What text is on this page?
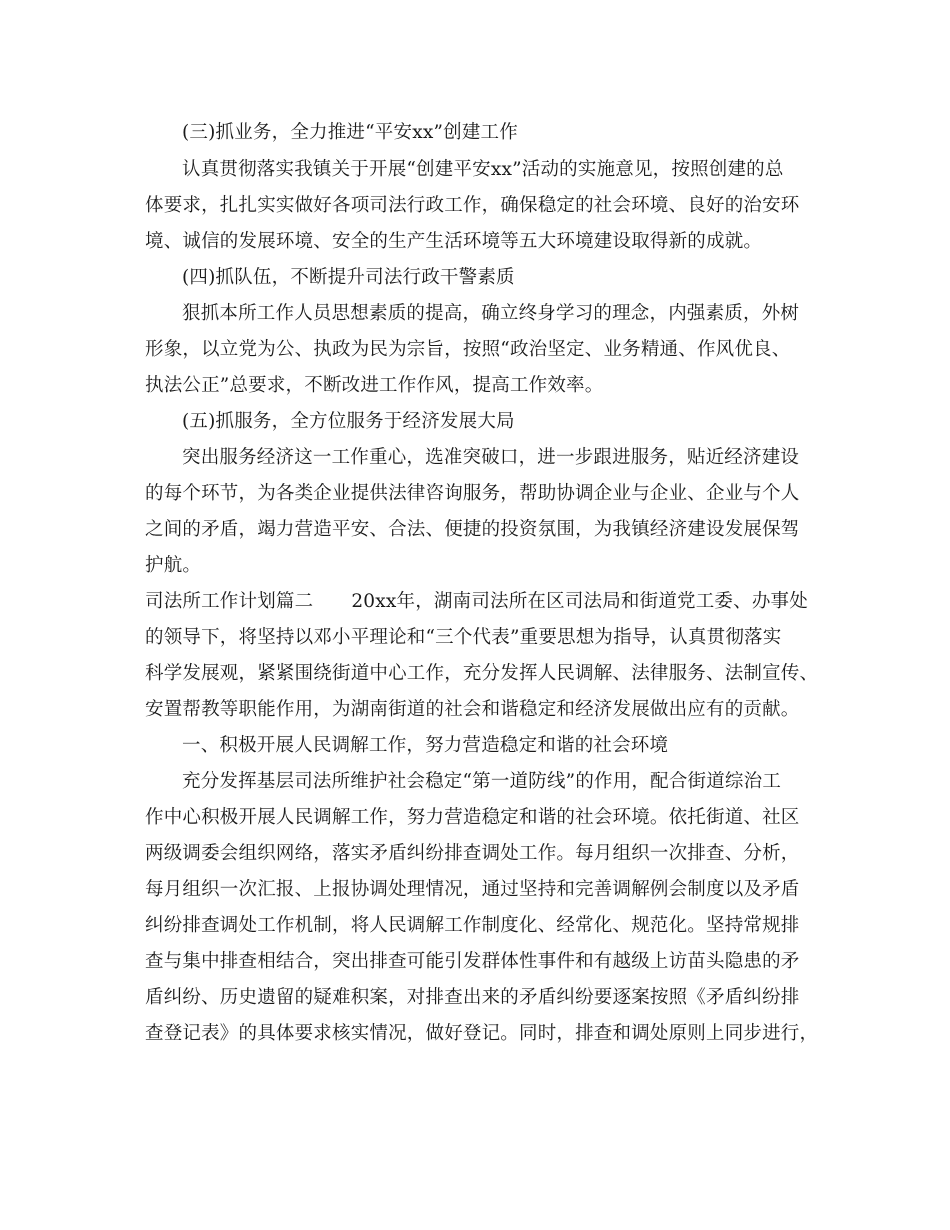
(三)抓业务，全力推进“平安xx”创建工作
认真贯彻落实我镇关于开展“创建平安xx”活动的实施意见，按照创建的总
体要求，扎扎实实做好各项司法行政工作，确保稳定的社会环境、良好的治安环
境、诚信的发展环境、安全的生产生活环境等五大环境建设取得新的成就。
(四)抓队伍，不断提升司法行政干警素质
狠抓本所工作人员思想素质的提高，确立终身学习的理念，内强素质，外树
形象，以立党为公、执政为民为宗旨，按照“政治坚定、业务精通、作风优良、
执法公正”总要求，不断改进工作作风，提高工作效率。
(五)抓服务，全方位服务于经济发展大局
突出服务经济这一工作重心，选准突破口，进一步跟进服务，贴近经济建设
的每个环节，为各类企业提供法律咨询服务，帮助协调企业与企业、企业与个人
之间的矛盾，竭力营造平安、合法、便捷的投资氛围，为我镇经济建设发展保驾
护航。
司法所工作计划篇二 20xx年，湖南司法所在区司法局和街道党工委、办事处
的领导下，将坚持以邓小平理论和“三个代表”重要思想为指导，认真贯彻落实
科学发展观，紧紧围绕街道中心工作，充分发挥人民调解、法律服务、法制宣传、
安置帮教等职能作用，为湖南街道的社会和谐稳定和经济发展做出应有的贡献。
一、积极开展人民调解工作，努力营造稳定和谐的社会环境
充分发挥基层司法所维护社会稳定“第一道防线”的作用，配合街道综治工
作中心积极开展人民调解工作，努力营造稳定和谐的社会环境。依托街道、社区
两级调委会组织网络，落实矛盾纠纷排查调处工作。每月组织一次排查、分析，
每月组织一次汇报、上报协调处理情况，通过坚持和完善调解例会制度以及矛盾
纠纷排查调处工作机制，将人民调解工作制度化、经常化、规范化。坚持常规排
查与集中排查相结合，突出排查可能引发群体性事件和有越级上访苗头隐患的矛
盾纠纷、历史遗留的疑难积案，对排查出来的矛盾纠纷要逐案按照《矛盾纠纷排
查登记表》的具体要求核实情况，做好登记。同时，排查和调处原则上同步进行，
